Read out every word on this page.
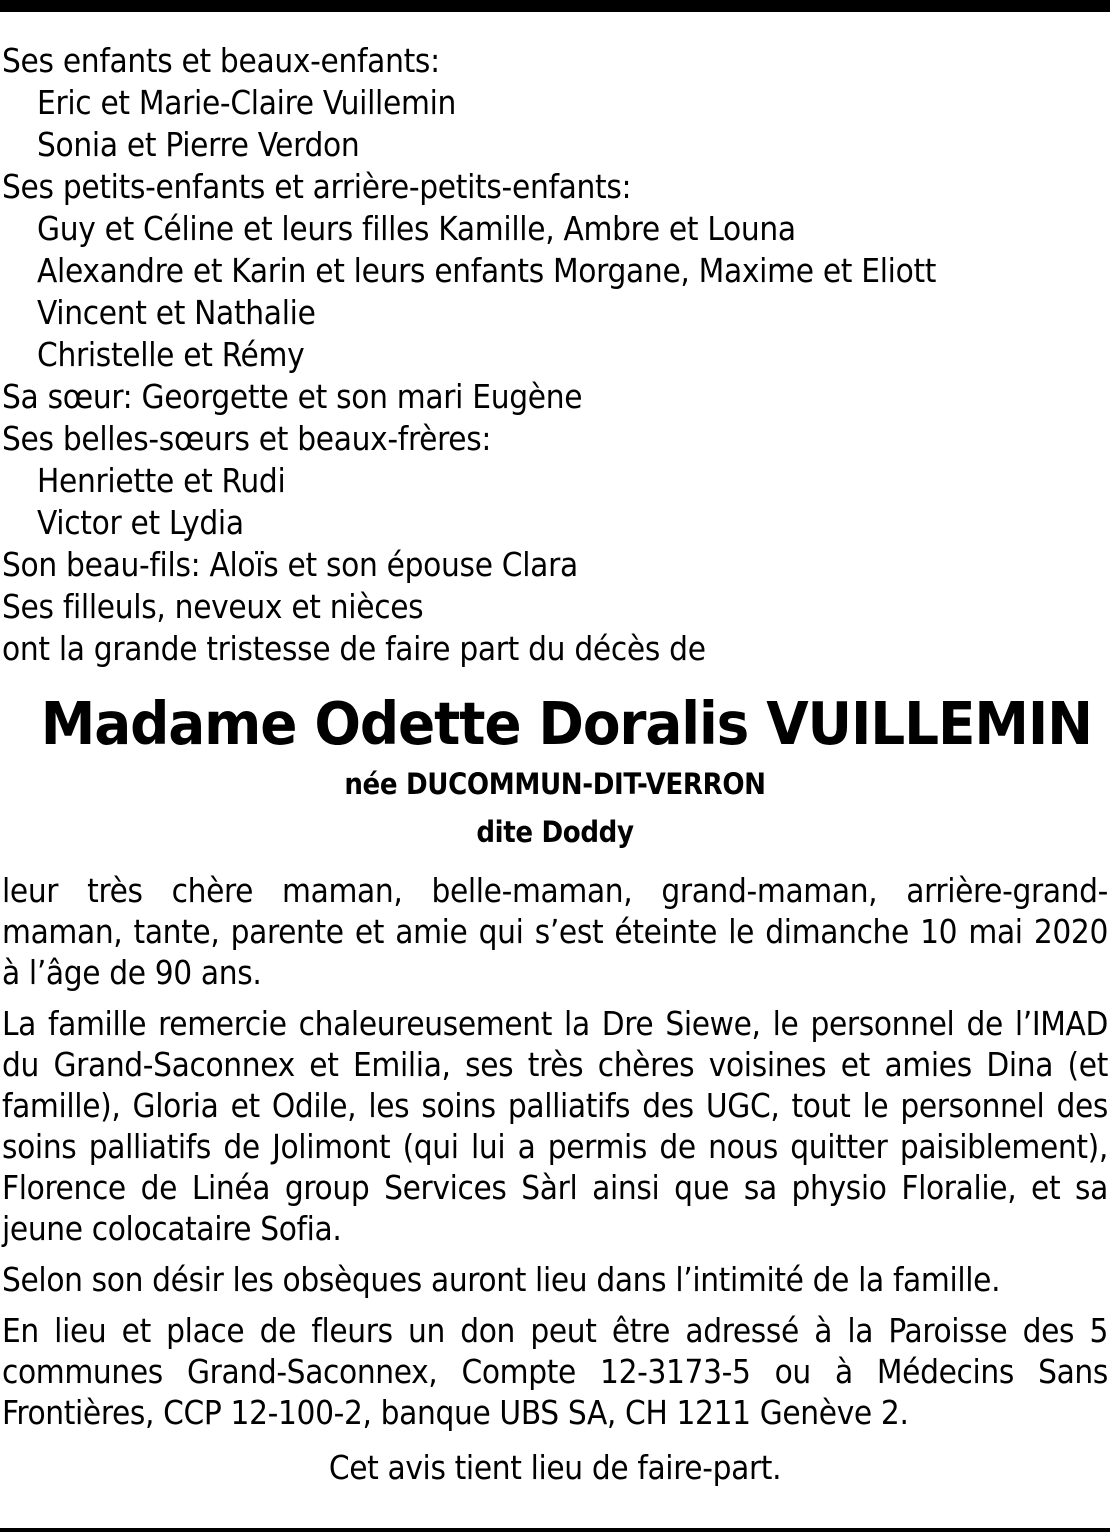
Ses enfants et beaux-enfants:
Eric et Marie-Claire Vuillemin
Sonia et Pierre Verdon
Ses petits-enfants et arrière-petits-enfants:
Guy et Céline et leurs filles Kamille, Ambre et Louna
Alexandre et Karin et leurs enfants Morgane, Maxime et Eliott
Vincent et Nathalie
Christelle et Rémy
Sa sœur: Georgette et son mari Eugène
Ses belles-sœurs et beaux-frères:
Henriette et Rudi
Victor et Lydia
Son beau-fils: Aloïs et son épouse Clara
Ses filleuls, neveux et nièces
ont la grande tristesse de faire part du décès de
Madame Odette Doralis VUILLEMIN
née DUCOMMUN-DIT-VERRON
dite Doddy

leur très chère maman, belle-maman, grand-maman, arrière-grand-maman, tante, parente et amie qui s’est éteinte le dimanche 10 mai 2020 à l’âge de 90 ans.

La famille remercie chaleureusement la Dre Siewe, le personnel de l’IMAD du Grand-Saconnex et Emilia, ses très chères voisines et amies Dina (et famille), Gloria et Odile, les soins palliatifs des UGC, tout le personnel des soins palliatifs de Jolimont (qui lui a permis de nous quitter paisiblement), Florence de Linéa group Services Sàrl ainsi que sa physio Floralie, et sa jeune colocataire Sofia.

Selon son désir les obsèques auront lieu dans l’intimité de la famille.

En lieu et place de fleurs un don peut être adressé à la Paroisse des 5 communes Grand-Saconnex, Compte 12-3173-5 ou à Médecins Sans Frontières, CCP 12-100-2, banque UBS SA, CH 1211 Genève 2.

Cet avis tient lieu de faire-part.
